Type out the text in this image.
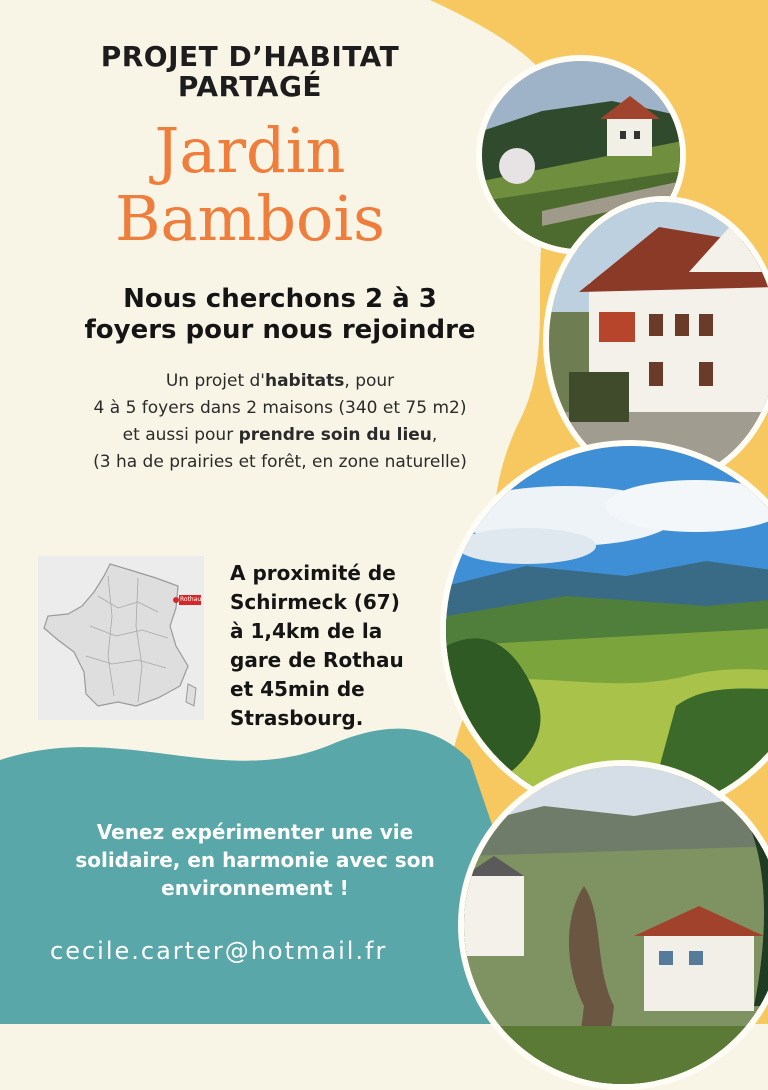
PROJET D’HABITAT
PARTAGÉ
Jardin
Bambois
Nous cherchons 2 à 3
foyers pour nous rejoindre
Un projet d'habitats, pour
4 à 5 foyers dans 2 maisons (340 et 75 m2)
et aussi pour prendre soin du lieu,
(3 ha de prairies et forêt, en zone naturelle)
Rothau
A proximité de
Schirmeck (67)
à 1,4km de la
gare de Rothau
et 45min de
Strasbourg.
Venez expérimenter une vie
solidaire, en harmonie avec son
environnement !
cecile.carter@hotmail.fr
